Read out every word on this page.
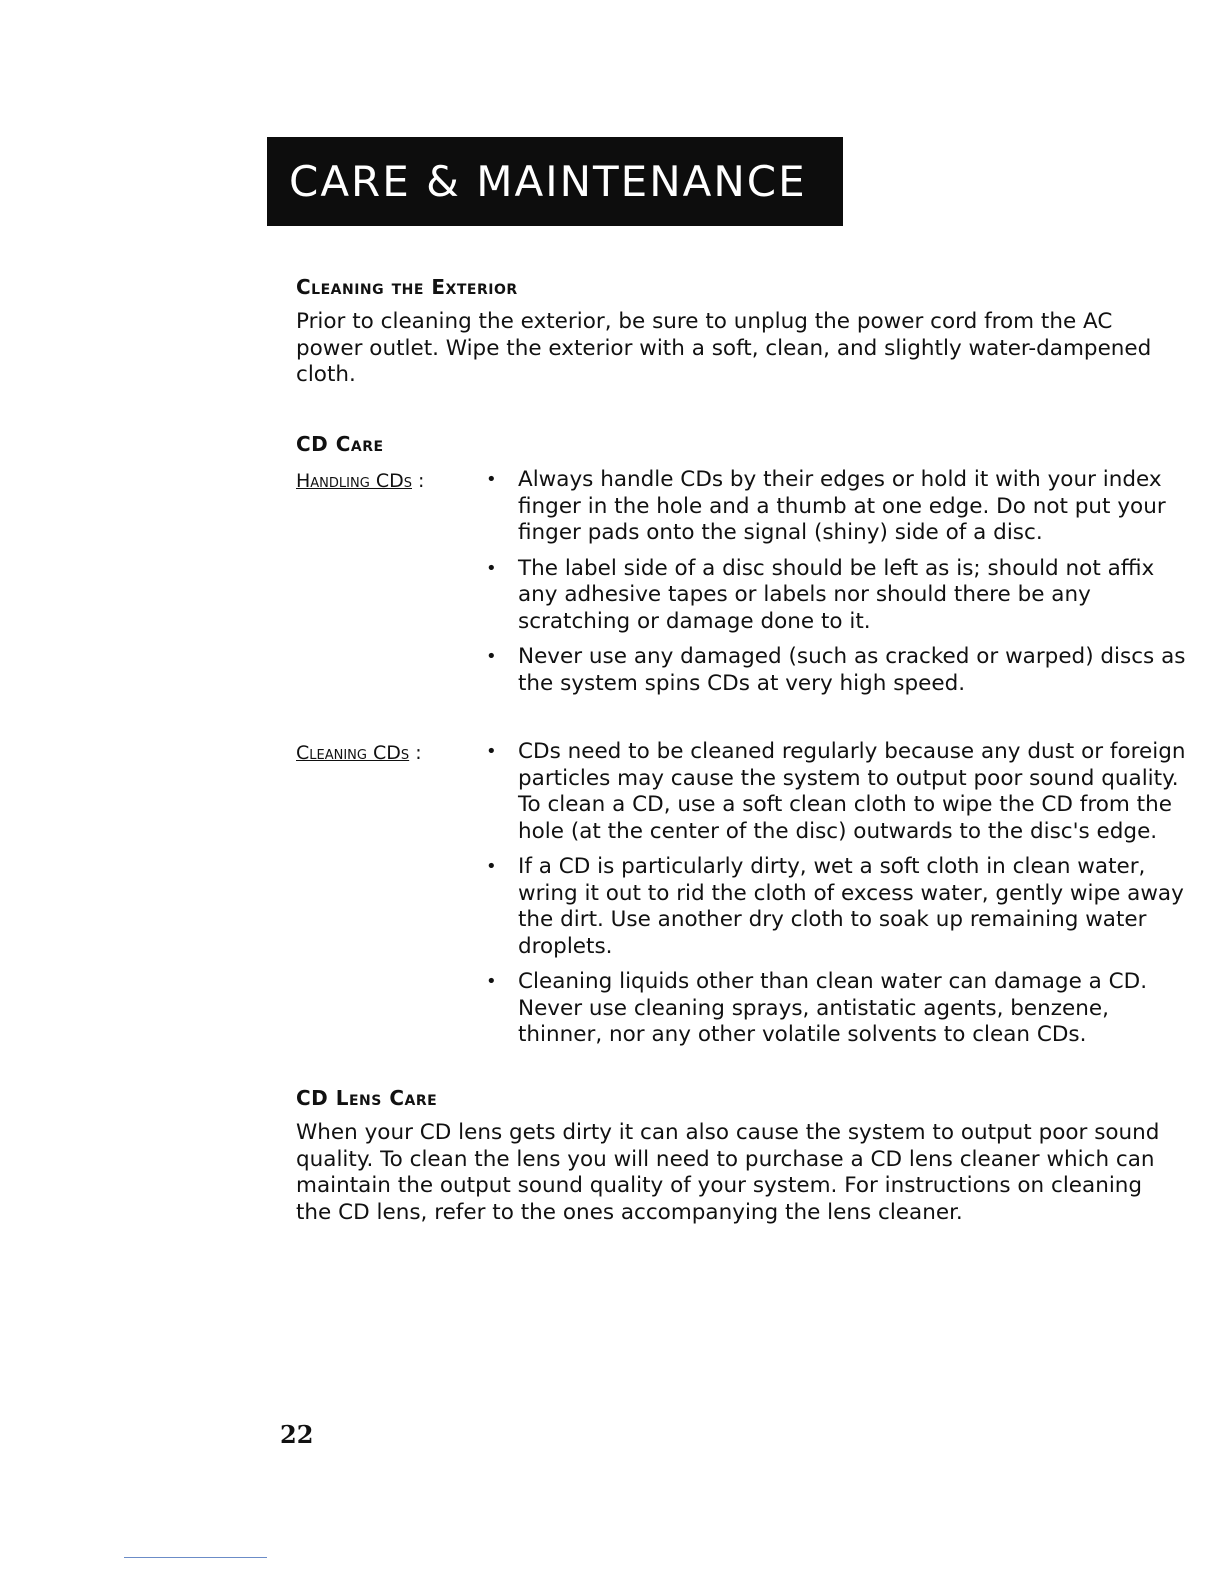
CARE & MAINTENANCE
Cleaning the Exterior

Prior to cleaning the exterior, be sure to unplug the power cord from the AC power outlet. Wipe the exterior with a soft, clean, and slightly water-dampened cloth.

CD Care
Handling CDs :	• Always handle CDs by their edges or hold it with your index finger in the hole and a thumb at one edge. Do not put your finger pads onto the signal (shiny) side of a disc.
• The label side of a disc should be left as is; should not affix any adhesive tapes or labels nor should there be any scratching or damage done to it.
• Never use any damaged (such as cracked or warped) discs as the system spins CDs at very high speed.
Cleaning CDs :	• CDs need to be cleaned regularly because any dust or foreign particles may cause the system to output poor sound quality. To clean a CD, use a soft clean cloth to wipe the CD from the hole (at the center of the disc) outwards to the disc's edge.
• If a CD is particularly dirty, wet a soft cloth in clean water, wring it out to rid the cloth of excess water, gently wipe away the dirt. Use another dry cloth to soak up remaining water droplets.
• Cleaning liquids other than clean water can damage a CD. Never use cleaning sprays, antistatic agents, benzene, thinner, nor any other volatile solvents to clean CDs.
CD Lens Care

When your CD lens gets dirty it can also cause the system to output poor sound quality. To clean the lens you will need to purchase a CD lens cleaner which can maintain the output sound quality of your system. For instructions on cleaning the CD lens, refer to the ones accompanying the lens cleaner.

22
